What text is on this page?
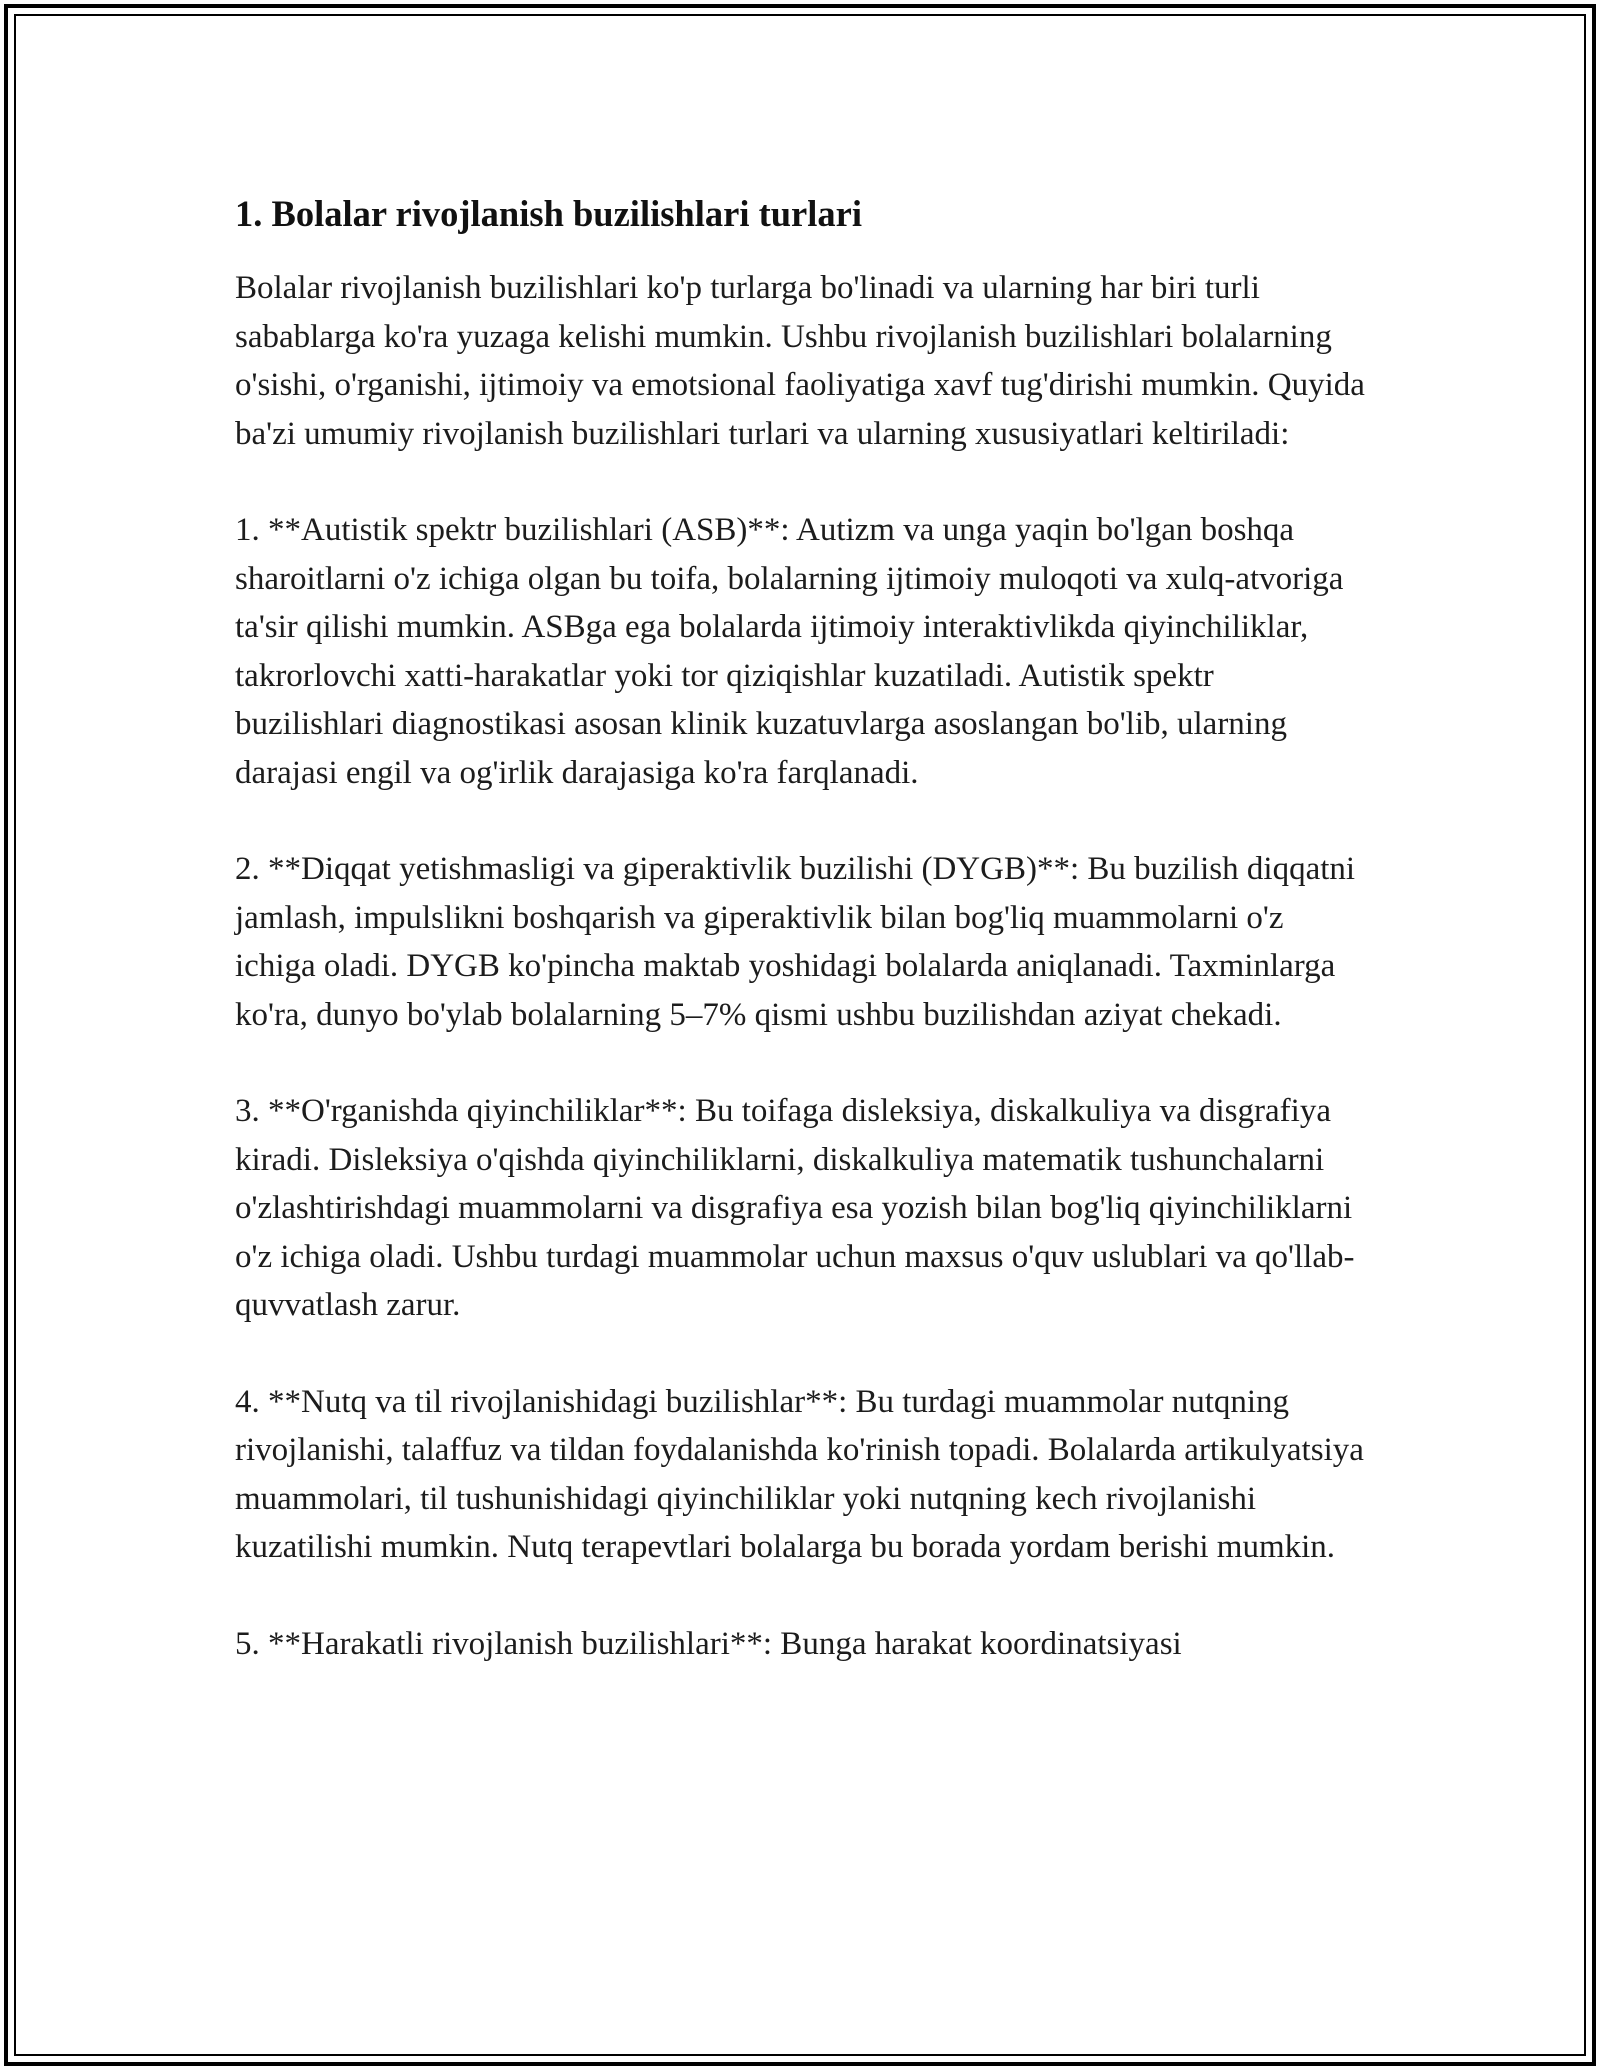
1. Bolalar rivojlanish buzilishlari turlari

Bolalar rivojlanish buzilishlari ko'p turlarga bo'linadi va ularning har biri turli sabablarga ko'ra yuzaga kelishi mumkin. Ushbu rivojlanish buzilishlari bolalarning o'sishi, o'rganishi, ijtimoiy va emotsional faoliyatiga xavf tug'dirishi mumkin. Quyida ba'zi umumiy rivojlanish buzilishlari turlari va ularning xususiyatlari keltiriladi:

1. **Autistik spektr buzilishlari (ASB)**: Autizm va unga yaqin bo'lgan boshqa sharoitlarni o'z ichiga olgan bu toifa, bolalarning ijtimoiy muloqoti va xulq-atvoriga ta'sir qilishi mumkin. ASBga ega bolalarda ijtimoiy interaktivlikda qiyinchiliklar, takrorlovchi xatti-harakatlar yoki tor qiziqishlar kuzatiladi. Autistik spektr buzilishlari diagnostikasi asosan klinik kuzatuvlarga asoslangan bo'lib, ularning darajasi engil va og'irlik darajasiga ko'ra farqlanadi.

2. **Diqqat yetishmasligi va giperaktivlik buzilishi (DYGB)**: Bu buzilish diqqatni jamlash, impulslikni boshqarish va giperaktivlik bilan bog'liq muammolarni o'z ichiga oladi. DYGB ko'pincha maktab yoshidagi bolalarda aniqlanadi. Taxminlarga ko'ra, dunyo bo'ylab bolalarning 5–7% qismi ushbu buzilishdan aziyat chekadi.

3. **O'rganishda qiyinchiliklar**: Bu toifaga disleksiya, diskalkuliya va disgrafiya kiradi. Disleksiya o'qishda qiyinchiliklarni, diskalkuliya matematik tushunchalarni o'zlashtirishdagi muammolarni va disgrafiya esa yozish bilan bog'liq qiyinchiliklarni o'z ichiga oladi. Ushbu turdagi muammolar uchun maxsus o'quv uslublari va qo'llab-quvvatlash zarur.

4. **Nutq va til rivojlanishidagi buzilishlar**: Bu turdagi muammolar nutqning rivojlanishi, talaffuz va tildan foydalanishda ko'rinish topadi. Bolalarda artikulyatsiya muammolari, til tushunishidagi qiyinchiliklar yoki nutqning kech rivojlanishi kuzatilishi mumkin. Nutq terapevtlari bolalarga bu borada yordam berishi mumkin.

5. **Harakatli rivojlanish buzilishlari**: Bunga harakat koordinatsiyasi
